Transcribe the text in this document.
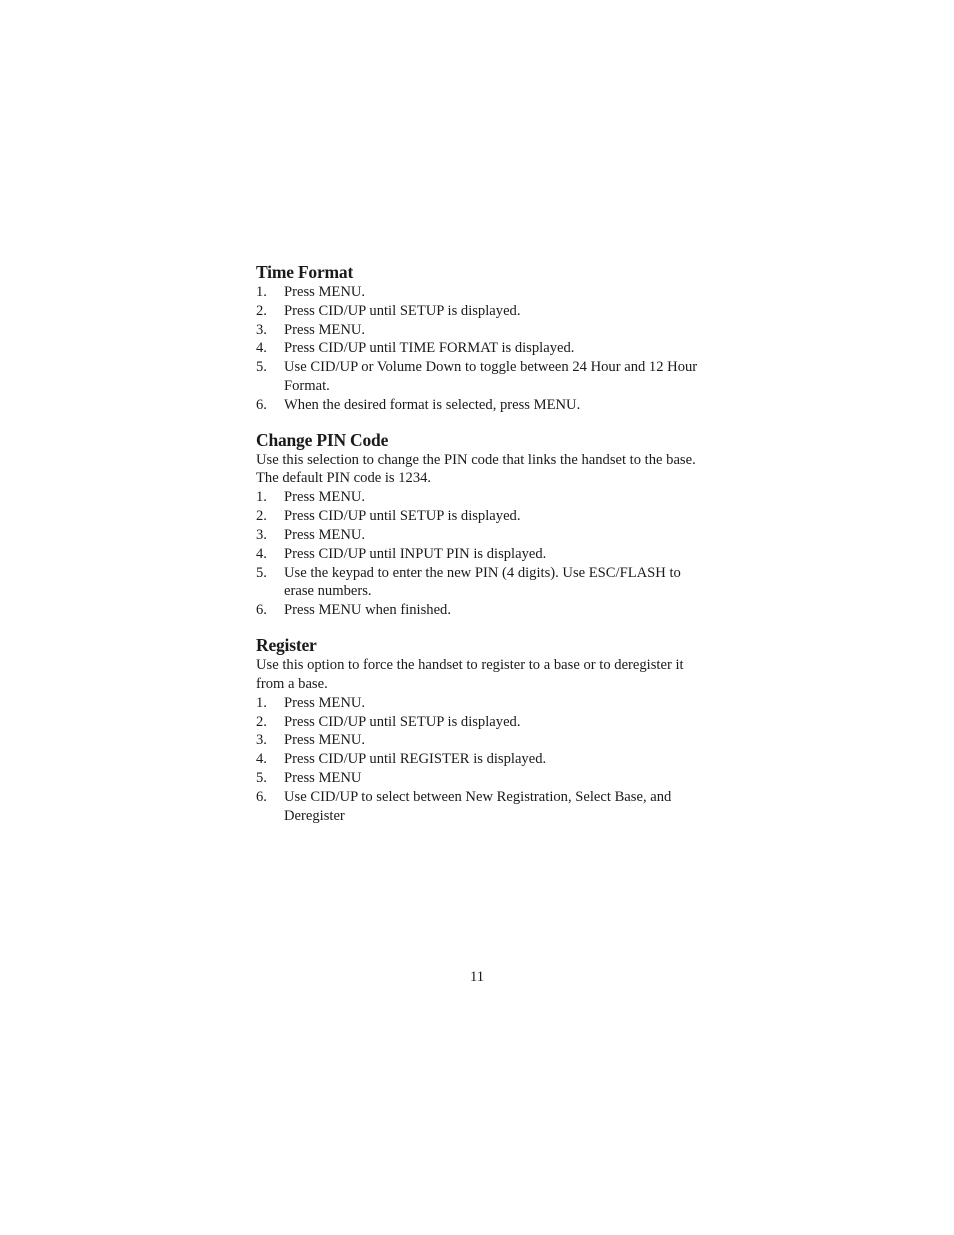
Time Format
1.	Press MENU.
2.	Press CID/UP until SETUP is displayed.
3.	Press MENU.
4.	Press CID/UP until TIME FORMAT is displayed.
5.	Use CID/UP or Volume Down to toggle between 24 Hour and 12 Hour Format.
6.	When the desired format is selected, press MENU.
Change PIN Code

Use this selection to change the PIN code that links the handset to the base. The default PIN code is 1234.

1.	Press MENU.
2.	Press CID/UP until SETUP is displayed.
3.	Press MENU.
4.	Press CID/UP until INPUT PIN is displayed.
5.	Use the keypad to enter the new PIN (4 digits). Use ESC/FLASH to erase numbers.
6.	Press MENU when finished.
Register

Use this option to force the handset to register to a base or to deregister it from a base.

1.	Press MENU.
2.	Press CID/UP until SETUP is displayed.
3.	Press MENU.
4.	Press CID/UP until REGISTER is displayed.
5.	Press MENU
6.	Use CID/UP to select between New Registration, Select Base, and Deregister
11
